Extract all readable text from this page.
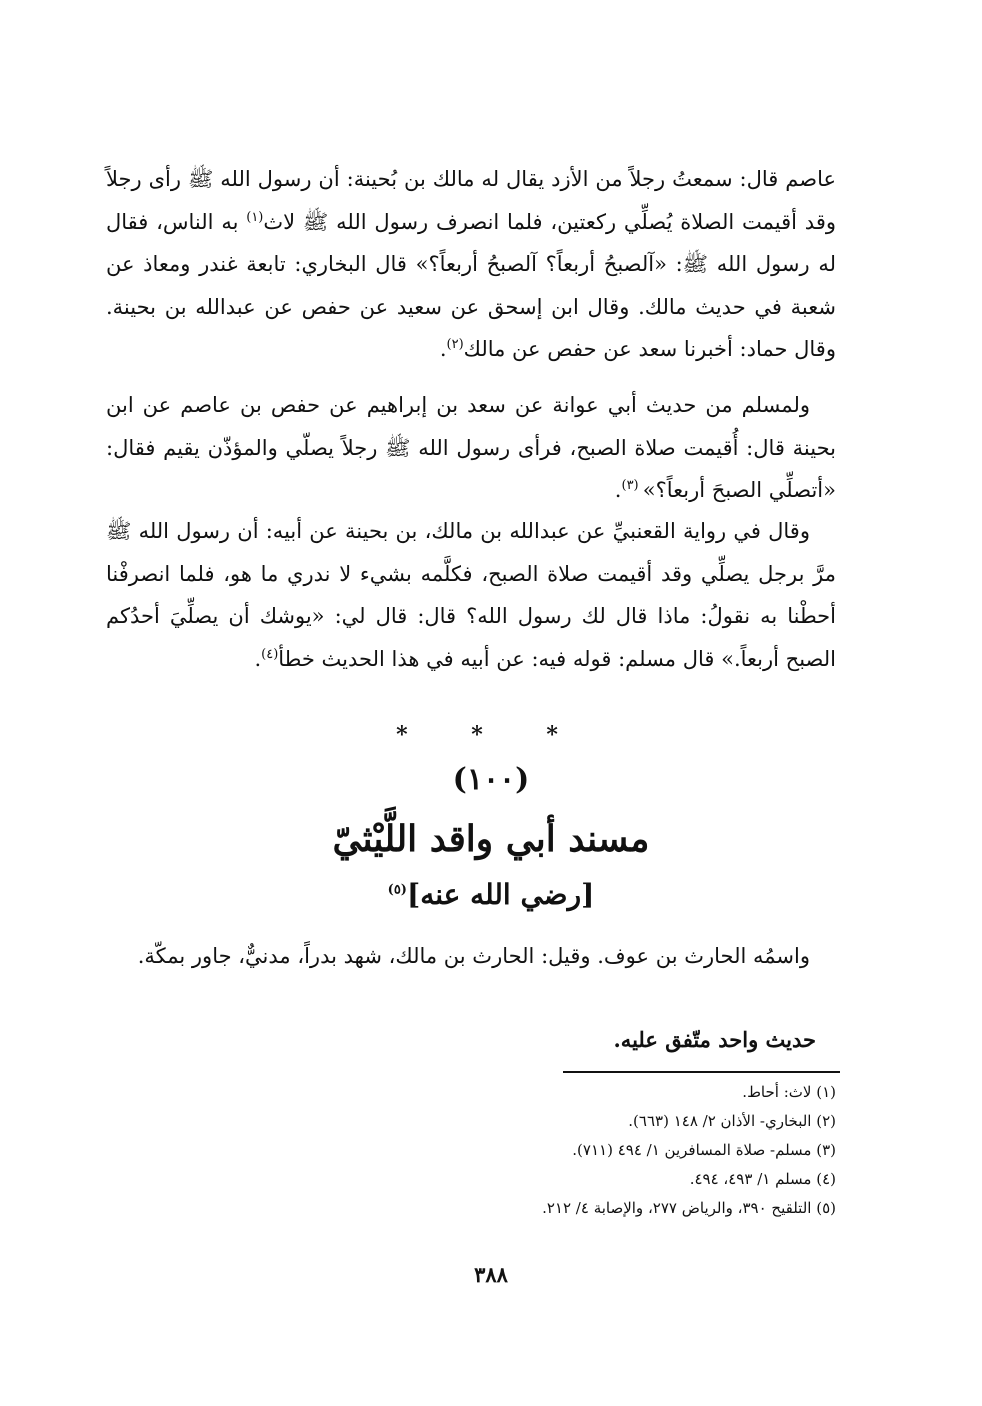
عاصم قال: سمعتُ رجلاً من الأزد يقال له مالك بن بُحينة: أن رسول الله ﷺ رأى رجلاً وقد أقيمت الصلاة يُصلِّي ركعتين، فلما انصرف رسول الله ﷺ لاث$^{(١)}$ به الناس، فقال له رسول الله ﷺ: «آلصبحُ أربعاً؟ آلصبحُ أربعاً؟» قال البخاري: تابعة غندر ومعاذ عن شعبة في حديث مالك. وقال ابن إسحق عن سعيد عن حفص عن عبدالله بن بحينة. وقال حماد: أخبرنا سعد عن حفص عن مالك$^{(٢)}$.

ولمسلم من حديث أبي عوانة عن سعد بن إبراهيم عن حفص بن عاصم عن ابن بحينة قال: أُقيمت صلاة الصبح، فرأى رسول الله ﷺ رجلاً يصلّي والمؤذّن يقيم فقال: «أتصلِّي الصبحَ أربعاً؟» $^{(٣)}$.

وقال في رواية القعنبيِّ عن عبدالله بن مالك، بن بحينة عن أبيه: أن رسول الله ﷺ مرَّ برجل يصلِّي وقد أقيمت صلاة الصبح، فكلَّمه بشيء لا ندري ما هو، فلما انصرفْنا أحطْنا به نقولُ: ماذا قال لك رسول الله؟ قال: قال لي: «يوشك أن يصلِّيَ أحدُكم الصبح أربعاً.» قال مسلم: قوله فيه: عن أبيه في هذا الحديث خطأ$^{(٤)}$.

* * *
(١٠٠)
مسند أبي واقد اللَّيْثيّ
[رضي الله عنه]$^{(٥)}$

واسمُه الحارث بن عوف. وقيل: الحارث بن مالك، شهد بدراً، مدنيٌّ، جاور بمكّة.

حديث واحد متّفق عليه.
(١) لاث: أحاط.
(٢) البخاري- الأذان ٢/ ١٤٨ (٦٦٣).
(٣) مسلم- صلاة المسافرين ١/ ٤٩٤ (٧١١).
(٤) مسلم ١/ ٤٩٣، ٤٩٤.
(٥) التلقيح ٣٩٠، والرياض ٢٧٧، والإصابة ٤/ ٢١٢.
٣٨٨
